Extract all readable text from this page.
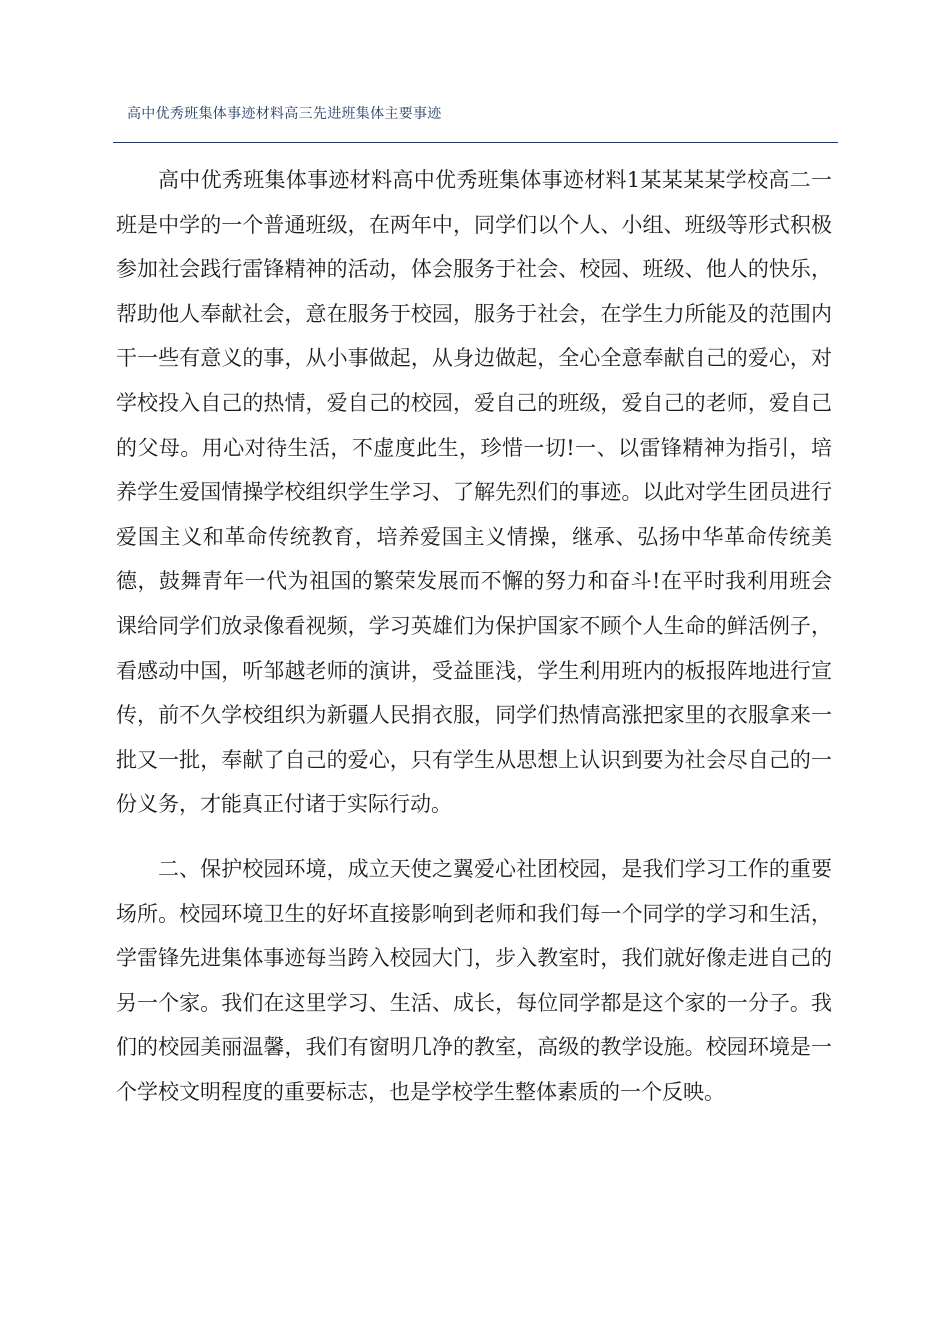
高中优秀班集体事迹材料高三先进班集体主要事迹

高中优秀班集体事迹材料高中优秀班集体事迹材料1某某某某学校高二一班是中学的一个普通班级，在两年中，同学们以个人、小组、班级等形式积极参加社会践行雷锋精神的活动，体会服务于社会、校园、班级、他人的快乐，帮助他人奉献社会，意在服务于校园，服务于社会，在学生力所能及的范围内干一些有意义的事，从小事做起，从身边做起，全心全意奉献自己的爱心，对学校投入自己的热情，爱自己的校园，爱自己的班级，爱自己的老师，爱自己的父母。用心对待生活，不虚度此生，珍惜一切!一、以雷锋精神为指引，培养学生爱国情操学校组织学生学习、了解先烈们的事迹。以此对学生团员进行爱国主义和革命传统教育，培养爱国主义情操，继承、弘扬中华革命传统美德，鼓舞青年一代为祖国的繁荣发展而不懈的努力和奋斗!在平时我利用班会课给同学们放录像看视频，学习英雄们为保护国家不顾个人生命的鲜活例子，看感动中国，听邹越老师的演讲，受益匪浅，学生利用班内的板报阵地进行宣传，前不久学校组织为新疆人民捐衣服，同学们热情高涨把家里的衣服拿来一批又一批，奉献了自己的爱心，只有学生从思想上认识到要为社会尽自己的一份义务，才能真正付诸于实际行动。

二、保护校园环境，成立天使之翼爱心社团校园，是我们学习工作的重要场所。校园环境卫生的好坏直接影响到老师和我们每一个同学的学习和生活，学雷锋先进集体事迹每当跨入校园大门，步入教室时，我们就好像走进自己的另一个家。我们在这里学习、生活、成长，每位同学都是这个家的一分子。我们的校园美丽温馨，我们有窗明几净的教室，高级的教学设施。校园环境是一个学校文明程度的重要标志，也是学校学生整体素质的一个反映。
